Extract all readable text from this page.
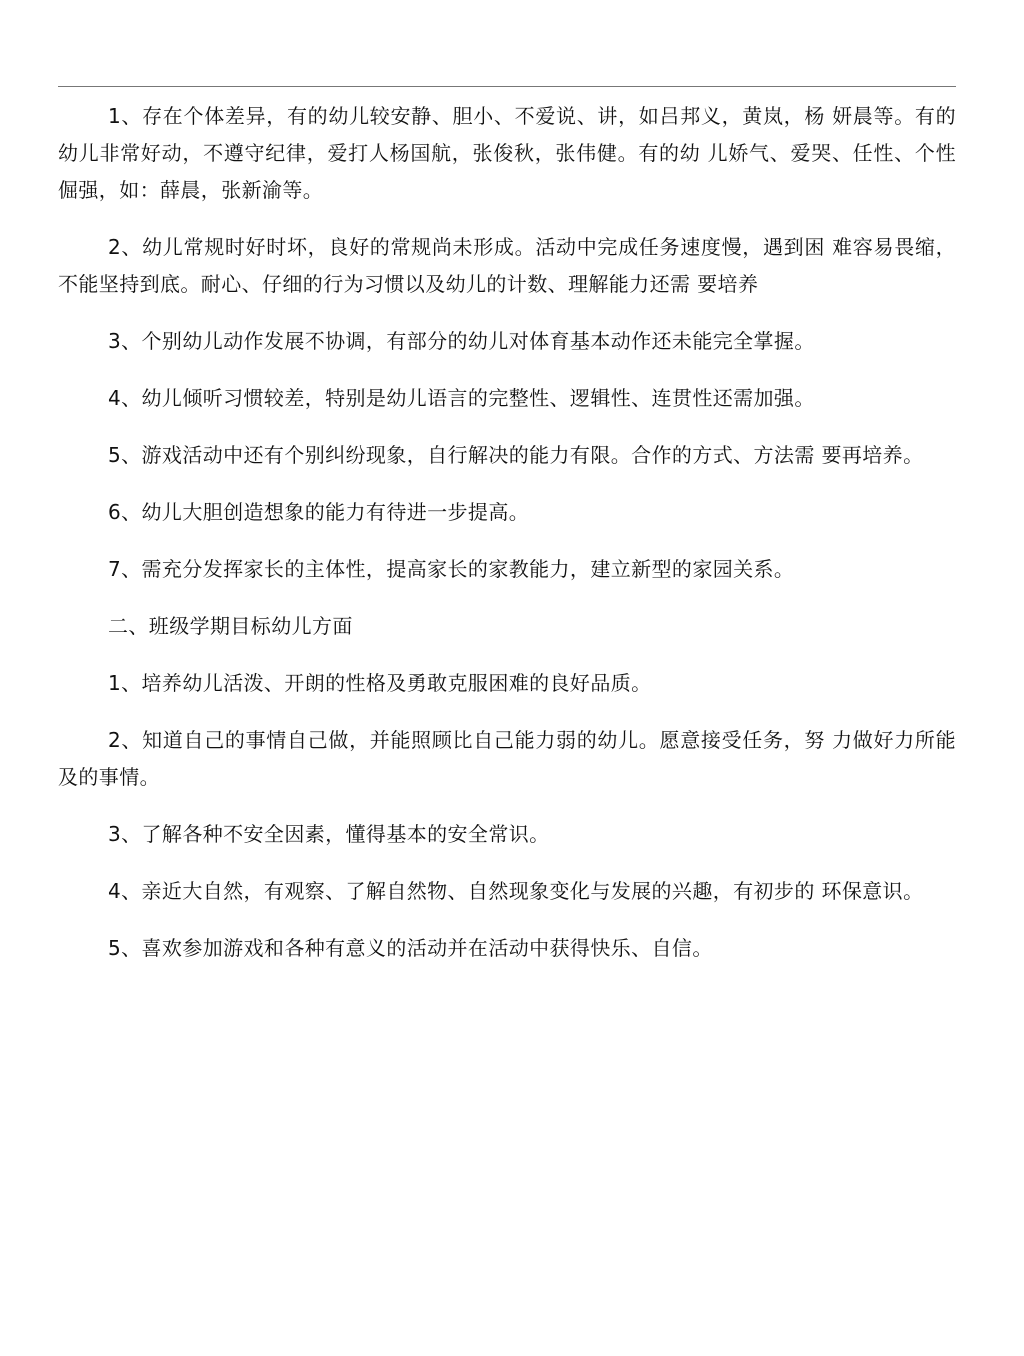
1、存在个体差异，有的幼儿较安静、胆小、不爱说、讲，如吕邦义，黄岚，杨 妍晨等。有的幼儿非常好动，不遵守纪律，爱打人杨国航，张俊秋，张伟健。有的幼 儿娇气、爱哭、任性、个性倔强，如：薛晨，张新渝等。

2、幼儿常规时好时坏，良好的常规尚未形成。活动中完成任务速度慢，遇到困 难容易畏缩，不能坚持到底。耐心、仔细的行为习惯以及幼儿的计数、理解能力还需 要培养

3、个别幼儿动作发展不协调，有部分的幼儿对体育基本动作还未能完全掌握。

4、幼儿倾听习惯较差，特别是幼儿语言的完整性、逻辑性、连贯性还需加强。

5、游戏活动中还有个别纠纷现象，自行解决的能力有限。合作的方式、方法需 要再培养。

6、幼儿大胆创造想象的能力有待进一步提高。

7、需充分发挥家长的主体性，提高家长的家教能力，建立新型的家园关系。

二、班级学期目标幼儿方面

1、培养幼儿活泼、开朗的性格及勇敢克服困难的良好品质。

2、知道自己的事情自己做，并能照顾比自己能力弱的幼儿。愿意接受任务，努 力做好力所能及的事情。

3、了解各种不安全因素，懂得基本的安全常识。

4、亲近大自然，有观察、了解自然物、自然现象变化与发展的兴趣，有初步的 环保意识。

5、喜欢参加游戏和各种有意义的活动并在活动中获得快乐、自信。
